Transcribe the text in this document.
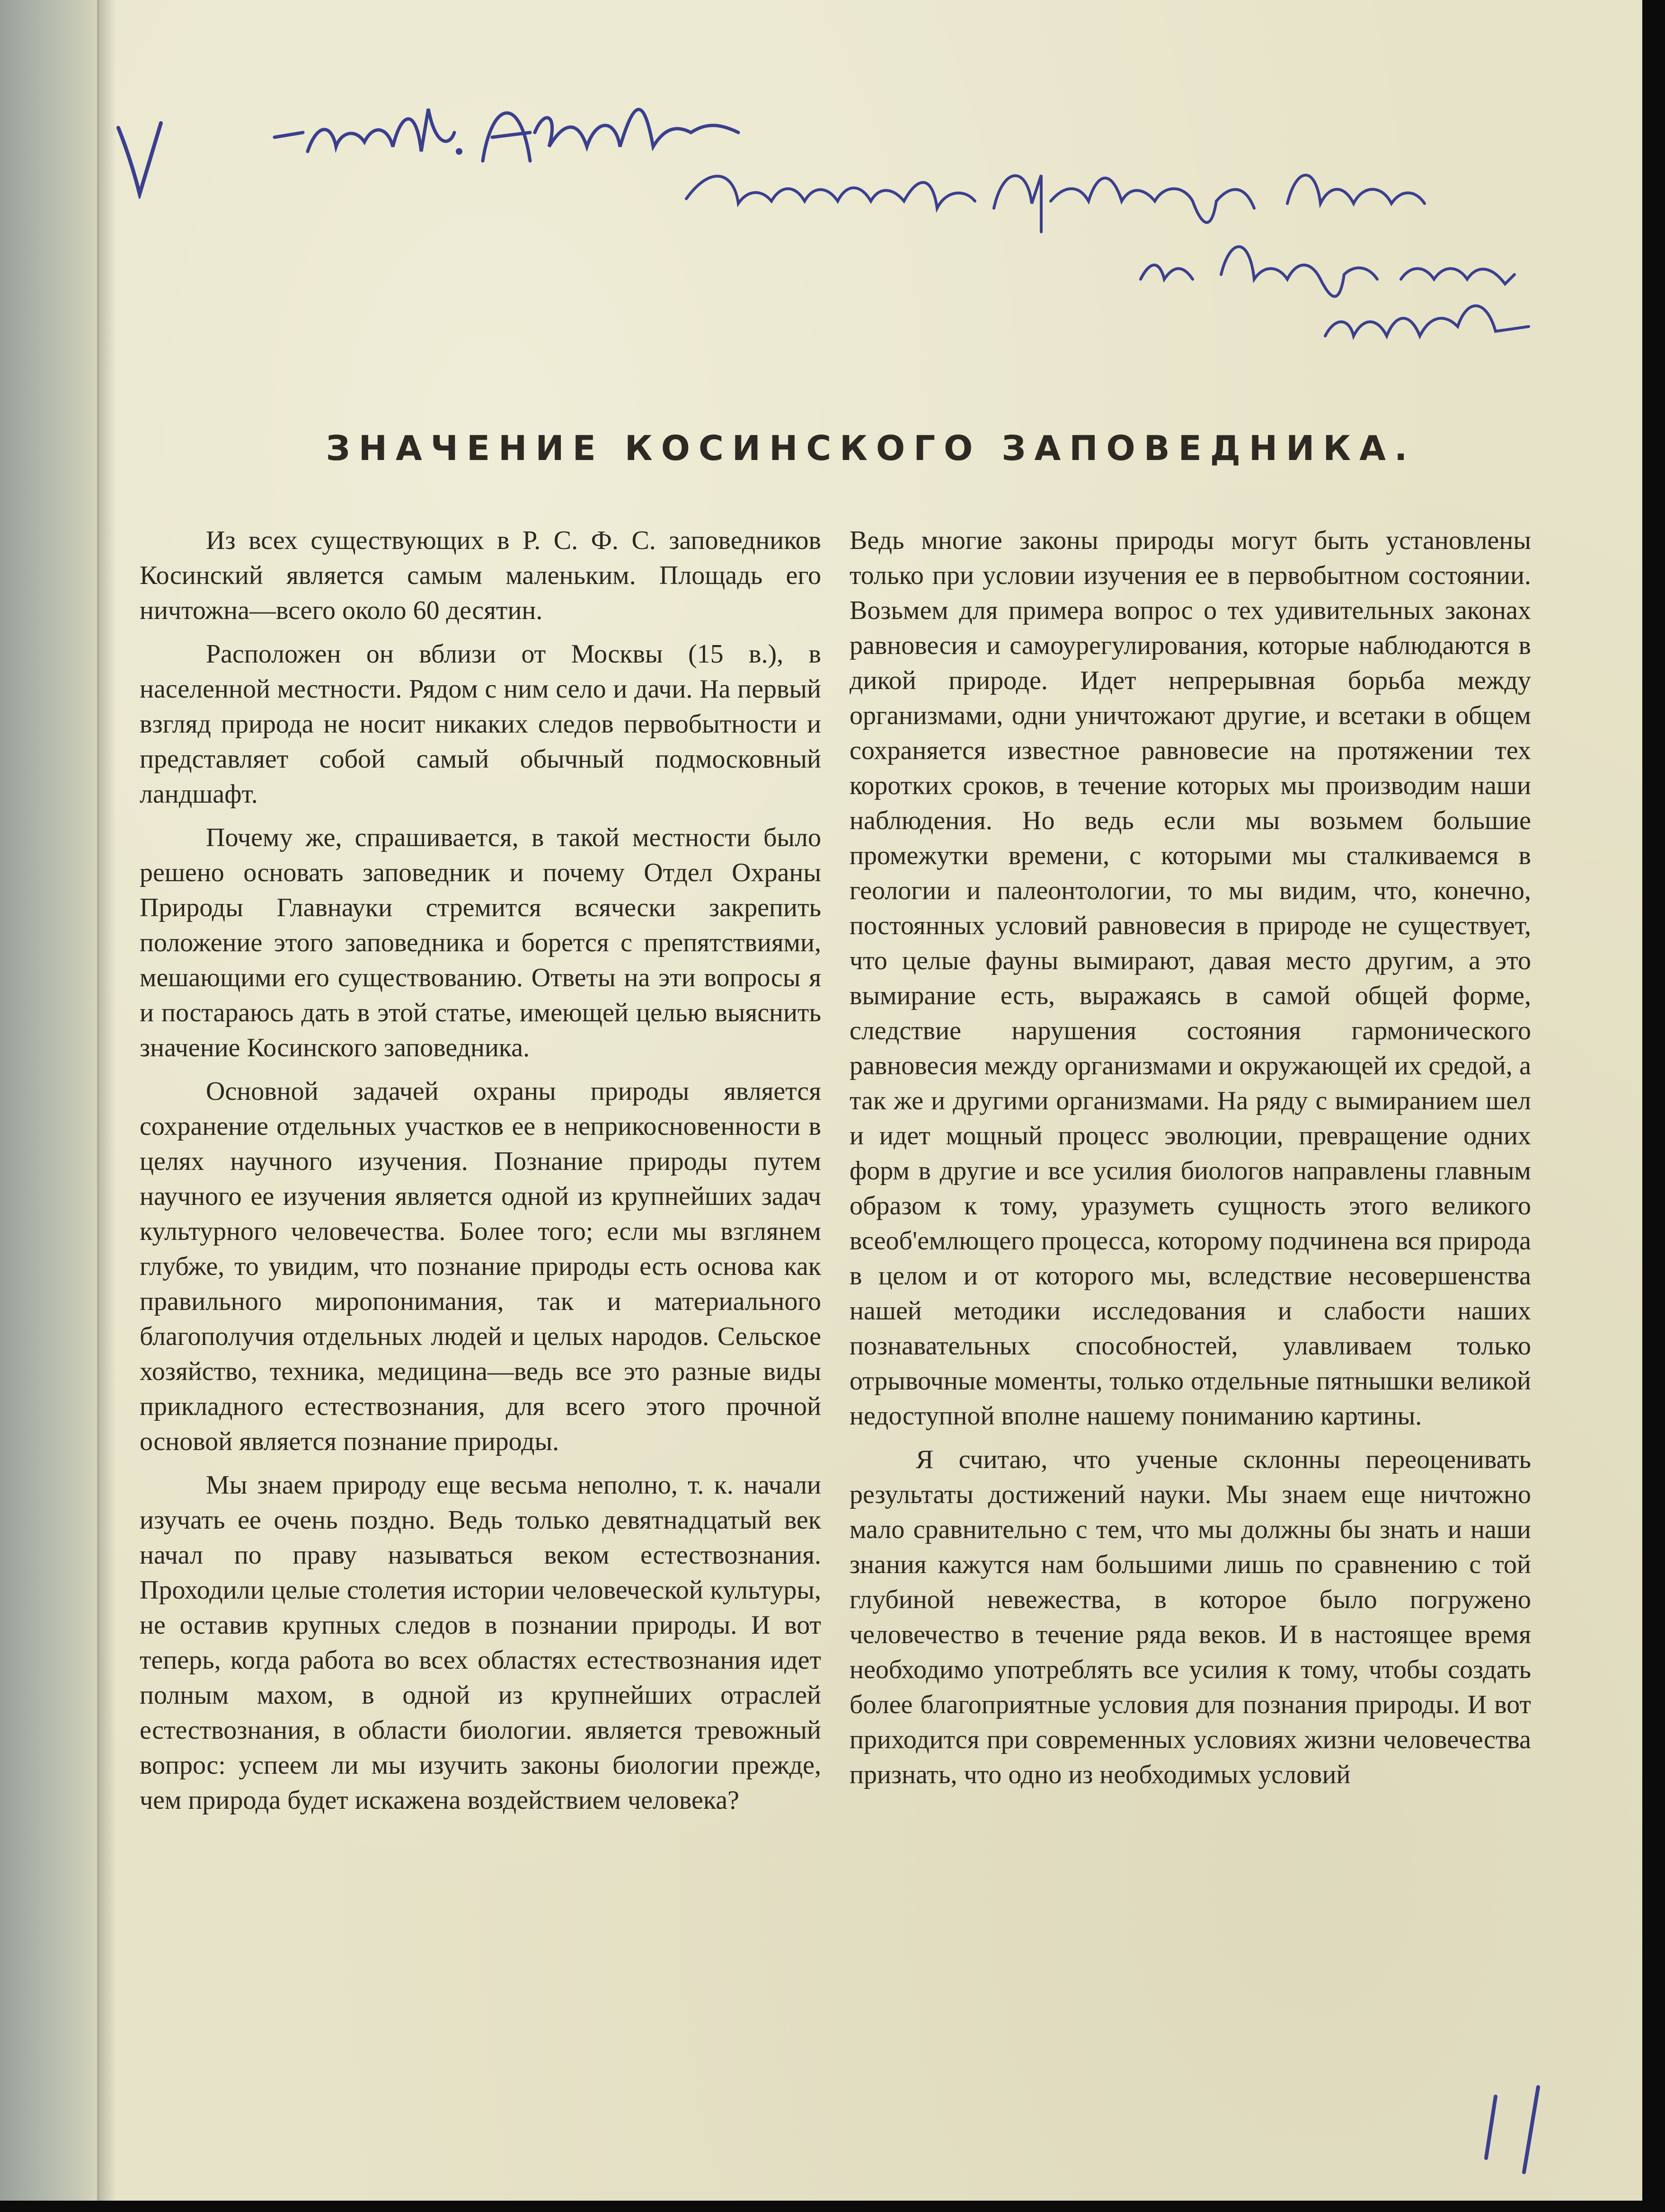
ЗНАЧЕНИЕ КОСИНСКОГО ЗАПОВЕДНИКА.

Из всех существующих в Р. С. Ф. С. заповедников Косинский является самым маленьким. Площадь его ничтожна—всего около 60 десятин.

Расположен он вблизи от Москвы (15 в.), в населенной местности. Рядом с ним село и дачи. На первый взгляд природа не носит никаких следов первобытности и представляет собой самый обычный подмосковный ландшафт.

Почему же, спрашивается, в такой местности было решено основать заповедник и почему Отдел Охраны Природы Главнауки стремится всячески закрепить положение этого заповедника и борется с препятствиями, мешающими его существованию. Ответы на эти вопросы я и постараюсь дать в этой статье, имеющей целью выяснить значение Косинского заповедника.

Основной задачей охраны природы является сохранение отдельных участков ее в неприкосновенности в целях научного изучения. Познание природы путем научного ее изучения является одной из крупнейших задач культурного человечества. Более того; если мы взглянем глубже, то увидим, что познание природы есть основа как правильного миропонимания, так и материального благополучия отдельных людей и целых народов. Сельское хозяйство, техника, медицина—ведь все это разные виды прикладного естествознания, для всего этого прочной основой является познание природы.

Мы знаем природу еще весьма неполно, т. к. начали изучать ее очень поздно. Ведь только девятнадцатый век начал по праву называться веком естествознания. Проходили целые столетия истории человеческой культуры, не оставив крупных следов в познании природы. И вот теперь, когда работа во всех областях естествознания идет полным махом, в одной из крупнейших отраслей естествознания, в области биологии. является тревожный вопрос: успеем ли мы изучить законы биологии прежде, чем природа будет искажена воздействием человека?

Ведь многие законы природы могут быть установлены только при условии изучения ее в первобытном состоянии. Возьмем для примера вопрос о тех удивительных законах равновесия и самоурегулирования, которые наблюдаются в дикой природе. Идет непрерывная борьба между организмами, одни уничтожают другие, и всетаки в общем сохраняется известное равновесие на протяжении тех коротких сроков, в течение которых мы производим наши наблюдения. Но ведь если мы возьмем большие промежутки времени, с которыми мы сталкиваемся в геологии и палеонтологии, то мы видим, что, конечно, постоянных условий равновесия в природе не существует, что целые фауны вымирают, давая место другим, а это вымирание есть, выражаясь в самой общей форме, следствие нарушения состояния гармонического равновесия между организмами и окружающей их средой, а так же и другими организмами. На ряду с вымиранием шел и идет мощный процесс эволюции, превращение одних форм в другие и все усилия биологов направлены главным образом к тому, уразуметь сущность этого великого всеоб'емлющего процесса, которому подчинена вся природа в целом и от которого мы, вследствие несовершенства нашей методики исследования и слабости наших познавательных способностей, улавливаем только отрывочные моменты, только отдельные пятнышки великой недоступной вполне нашему пониманию картины.

Я считаю, что ученые склонны переоценивать результаты достижений науки. Мы знаем еще ничтожно мало сравнительно с тем, что мы должны бы знать и наши знания кажутся нам большими лишь по сравнению с той глубиной невежества, в которое было погружено человечество в течение ряда веков. И в настоящее время необходимо употреблять все усилия к тому, чтобы создать более благоприятные условия для познания природы. И вот приходится при современных условиях жизни человечества признать, что одно из необходимых условий
